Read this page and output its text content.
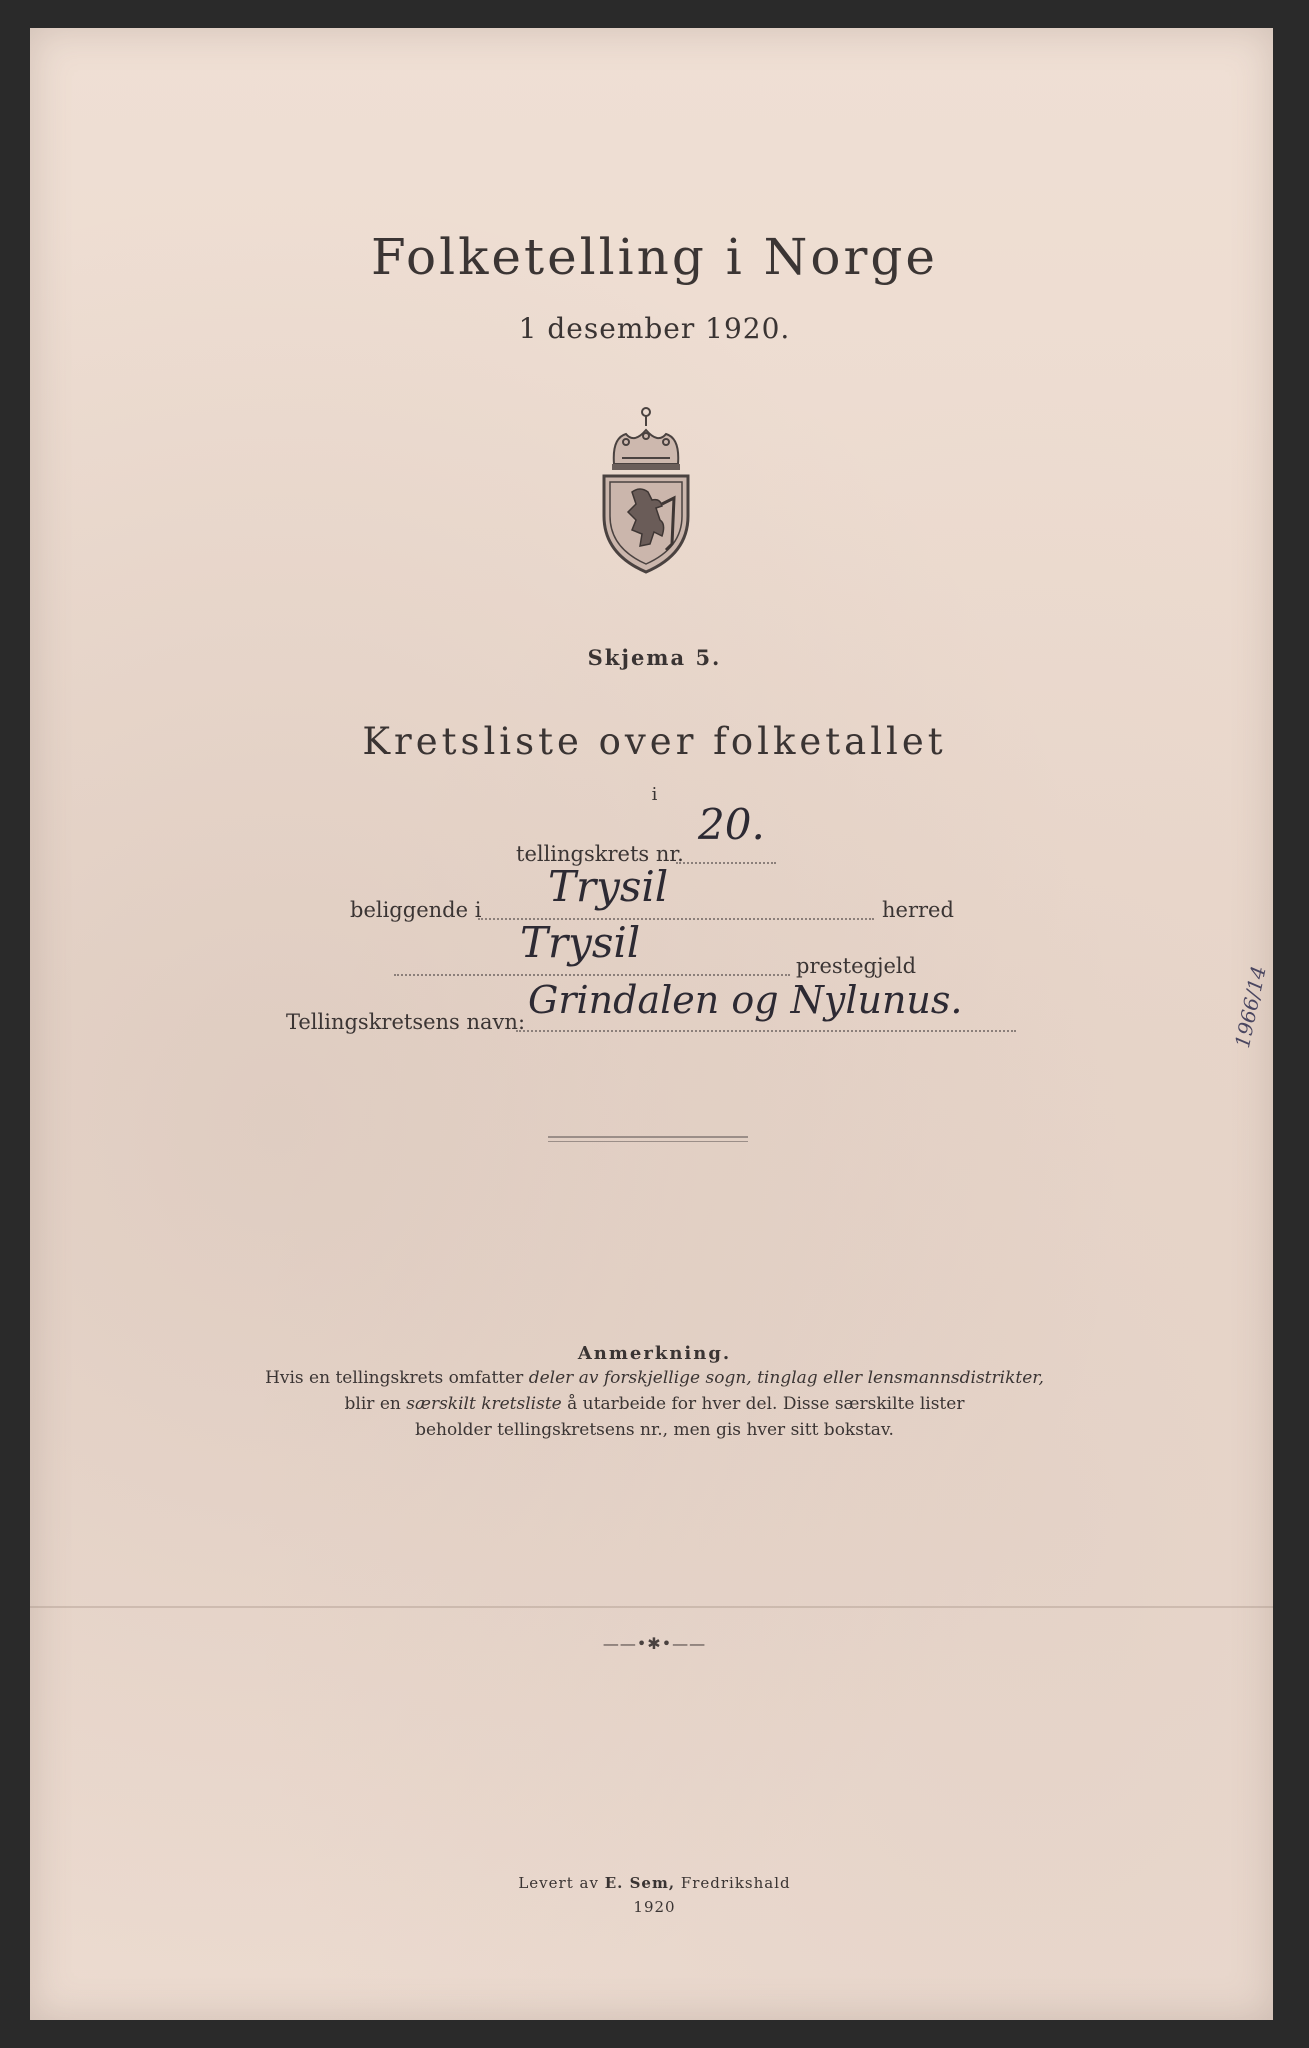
Folketelling i Norge
1 desember 1920.
Skjema 5.
Kretsliste over folketallet
i
tellingskrets nr.
20.
beliggende i Trysil	herred
Trysil	prestegjeld
Tellingskretsens navn: Grindalen og Nylunus.
Anmerkning.
Hvis en tellingskrets omfatter deler av forskjellige sogn, tinglag eller lensmannsdistrikter,
blir en særskilt kretsliste å utarbeide for hver del. Disse særskilte lister
beholder tellingskretsens nr., men gis hver sitt bokstav.
——•✱•——
Levert av E. Sem, Fredrikshald
1920
1966/14
